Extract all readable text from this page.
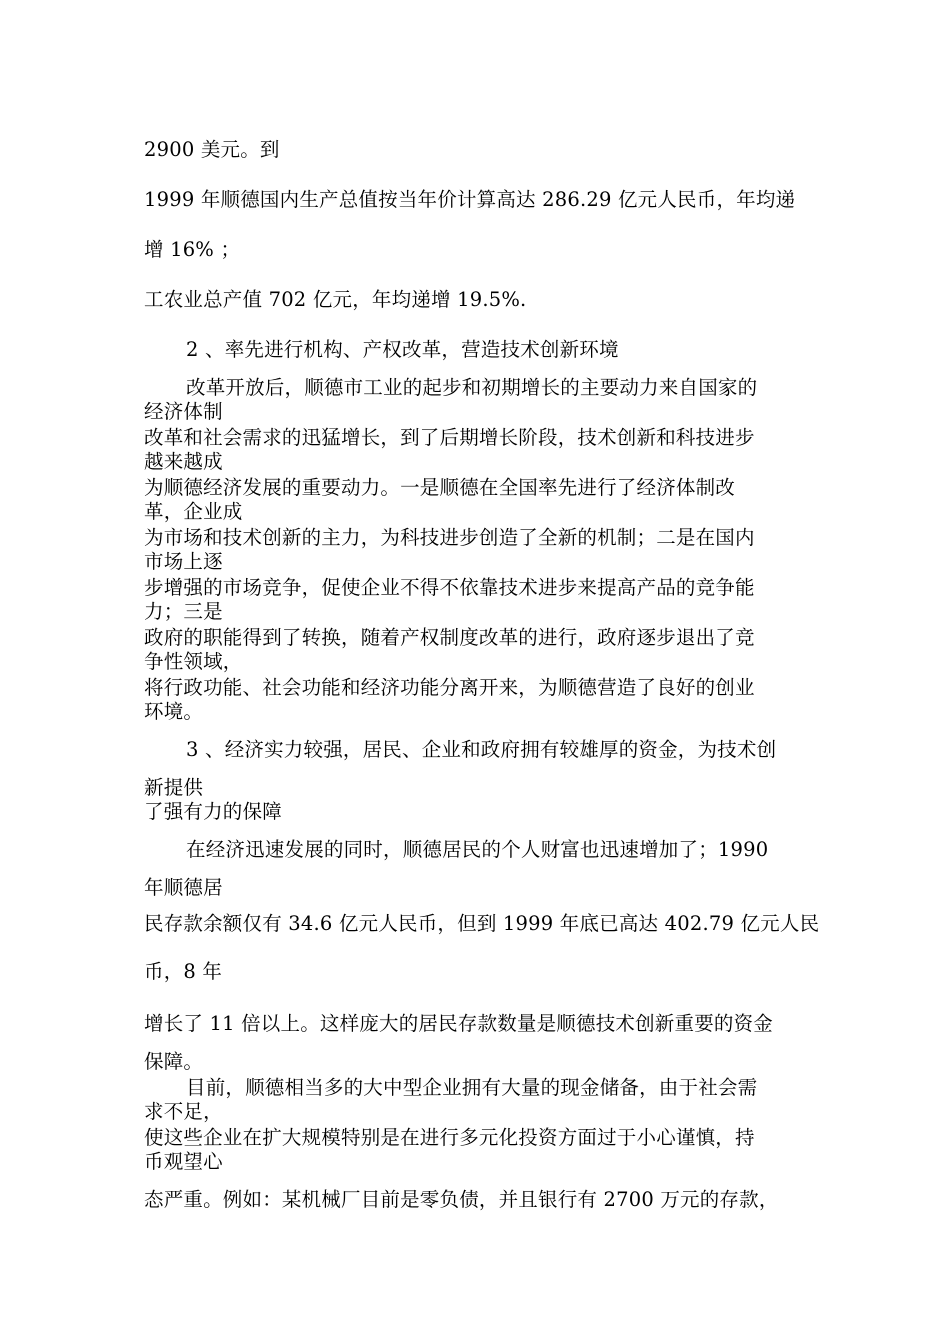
2900 美元。到
1999 年顺德国内生产总值按当年价计算高达 286.29 亿元人民币，年均递
增 16% ；
工农业总产值 702 亿元，年均递增 19.5%.
2 、率先进行机构、产权改革，营造技术创新环境
改革开放后，顺德市工业的起步和初期增长的主要动力来自国家的
经济体制
改革和社会需求的迅猛增长，到了后期增长阶段，技术创新和科技进步
越来越成
为顺德经济发展的重要动力。一是顺德在全国率先进行了经济体制改
革，企业成
为市场和技术创新的主力，为科技进步创造了全新的机制；二是在国内
市场上逐
步增强的市场竞争，促使企业不得不依靠技术进步来提高产品的竞争能
力；三是
政府的职能得到了转换，随着产权制度改革的进行，政府逐步退出了竞
争性领域，
将行政功能、社会功能和经济功能分离开来，为顺德营造了良好的创业
环境。
3 、经济实力较强，居民、企业和政府拥有较雄厚的资金，为技术创
新提供
了强有力的保障
在经济迅速发展的同时，顺德居民的个人财富也迅速增加了；1990
年顺德居
民存款余额仅有 34.6 亿元人民币，但到 1999 年底已高达 402.79 亿元人民
币，8 年
增长了 11 倍以上。这样庞大的居民存款数量是顺德技术创新重要的资金
保障。
目前，顺德相当多的大中型企业拥有大量的现金储备，由于社会需
求不足，
使这些企业在扩大规模特别是在进行多元化投资方面过于小心谨慎，持
币观望心
态严重。例如：某机械厂目前是零负债，并且银行有 2700 万元的存款，
